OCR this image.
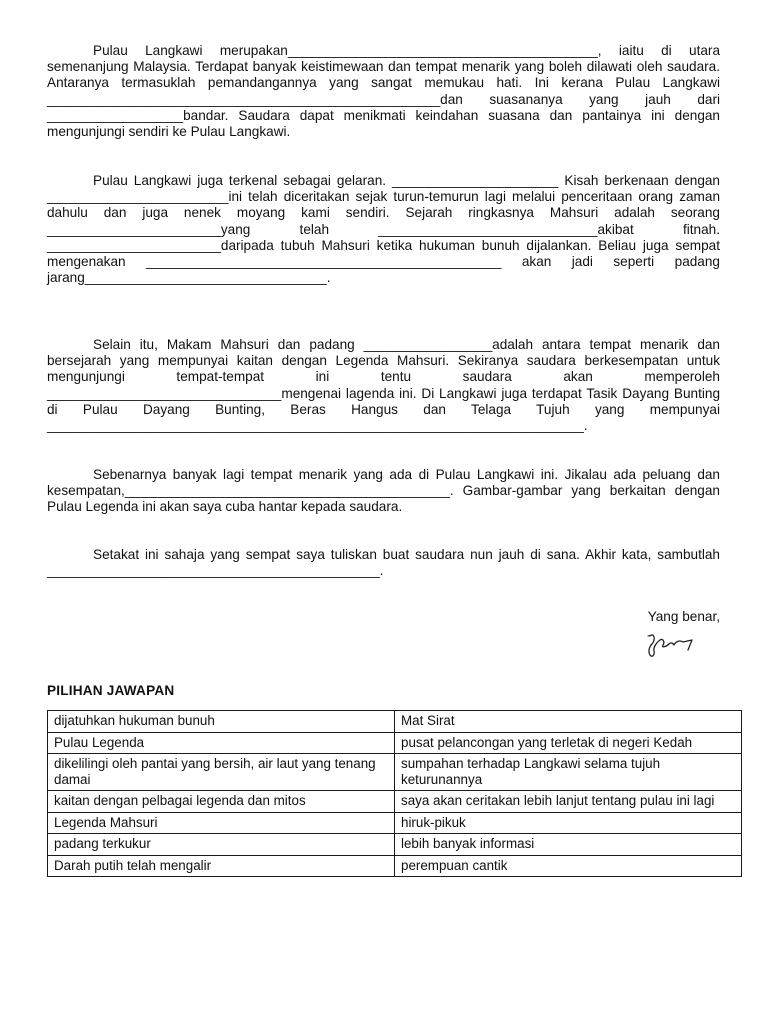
Pulau Langkawi merupakan_________________________________________, iaitu di utara semenanjung Malaysia. Terdapat banyak keistimewaan dan tempat menarik yang boleh dilawati oleh saudara. Antaranya termasuklah pemandangannya yang sangat memukau hati. Ini kerana Pulau Langkawi ____________________________________________________dan suasananya yang jauh dari __________________bandar. Saudara dapat menikmati keindahan suasana dan pantainya ini dengan mengunjungi sendiri ke Pulau Langkawi.

Pulau Langkawi juga terkenal sebagai gelaran. ______________________ Kisah berkenaan dengan ________________________ini telah diceritakan sejak turun-temurun lagi melalui penceritaan orang zaman dahulu dan juga nenek moyang kami sendiri. Sejarah ringkasnya Mahsuri adalah seorang _______________________yang telah _____________________________akibat fitnah. _______________________daripada tubuh Mahsuri ketika hukuman bunuh dijalankan. Beliau juga sempat mengenakan _______________________________________________ akan jadi seperti padang jarang________________________________.

Selain itu, Makam Mahsuri dan padang _________________adalah antara tempat menarik dan bersejarah yang mempunyai kaitan dengan Legenda Mahsuri. Sekiranya saudara berkesempatan untuk mengunjungi tempat-tempat ini tentu saudara akan memperoleh _______________________________mengenai lagenda ini. Di Langkawi juga terdapat Tasik Dayang Bunting di Pulau Dayang Bunting, Beras Hangus dan Telaga Tujuh yang mempunyai _______________________________________________________________________.

Sebenarnya banyak lagi tempat menarik yang ada di Pulau Langkawi ini. Jikalau ada peluang dan kesempatan,___________________________________________. Gambar-gambar yang berkaitan dengan Pulau Legenda ini akan saya cuba hantar kepada saudara.

Setakat ini sahaja yang sempat saya tuliskan buat saudara nun jauh di sana. Akhir kata, sambutlah ____________________________________________.

Yang benar,
PILIHAN JAWAPAN
dijatuhkan hukuman bunuh	Mat Sirat
Pulau Legenda	pusat pelancongan yang terletak di negeri Kedah
dikelilingi oleh pantai yang bersih, air laut yang tenang damai	sumpahan terhadap Langkawi selama tujuh keturunannya
kaitan dengan pelbagai legenda dan mitos	saya akan ceritakan lebih lanjut tentang pulau ini lagi
Legenda Mahsuri	hiruk-pikuk
padang terkukur	lebih banyak informasi
Darah putih telah mengalir	perempuan cantik
